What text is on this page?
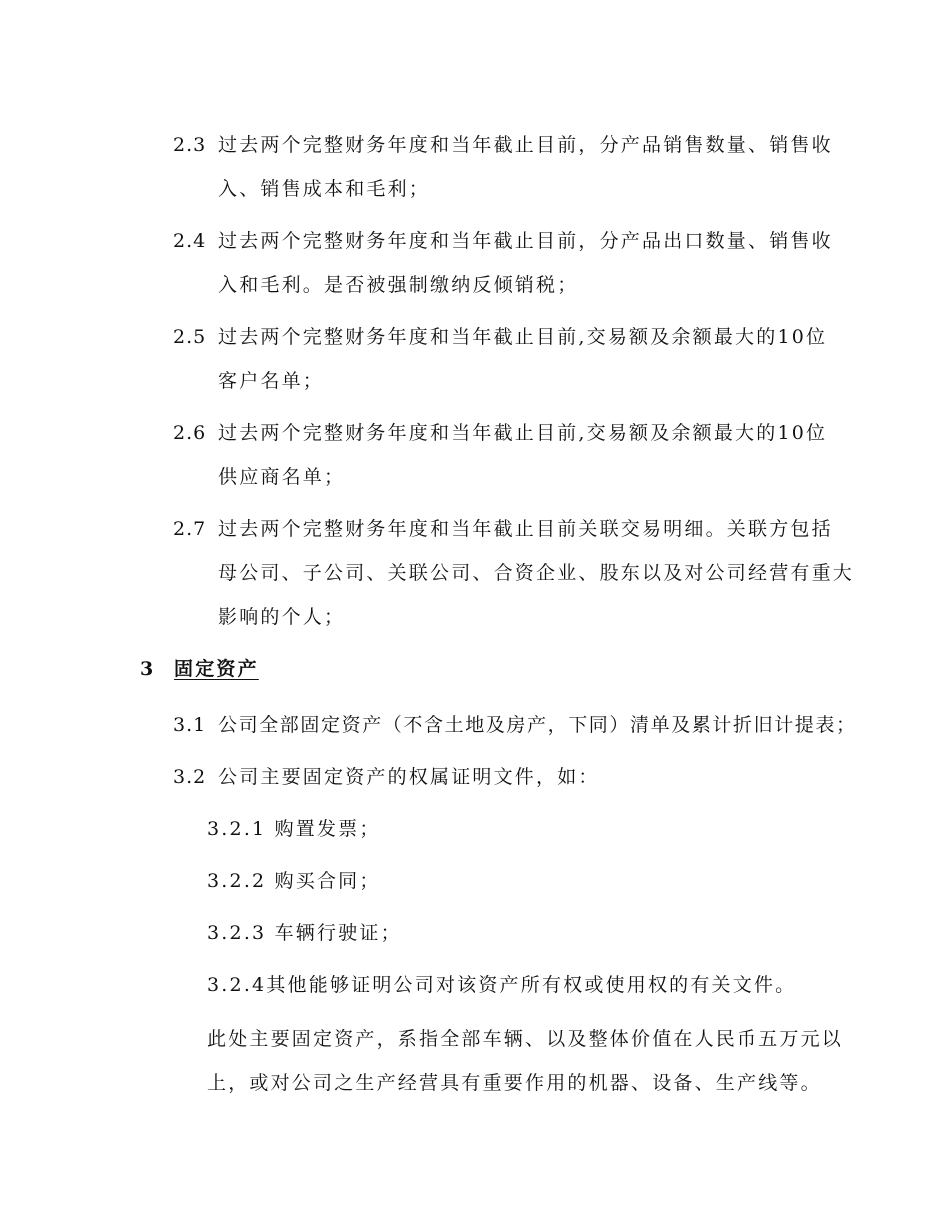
2.3 过去两个完整财务年度和当年截止目前，分产品销售数量、销售收
入、销售成本和毛利；
2.4 过去两个完整财务年度和当年截止目前，分产品出口数量、销售收
入和毛利。是否被强制缴纳反倾销税；
2.5 过去两个完整财务年度和当年截止目前,交易额及余额最大的10位
客户名单；
2.6 过去两个完整财务年度和当年截止目前,交易额及余额最大的10位
供应商名单；
2.7 过去两个完整财务年度和当年截止目前关联交易明细。关联方包括
母公司、子公司、关联公司、合资企业、股东以及对公司经营有重大
影响的个人；
3 固定资产
3.1 公司全部固定资产（不含土地及房产，下同）清单及累计折旧计提表；
3.2 公司主要固定资产的权属证明文件，如：
3.2.1 购置发票；
3.2.2 购买合同；
3.2.3 车辆行驶证；
3.2.4其他能够证明公司对该资产所有权或使用权的有关文件。
此处主要固定资产，系指全部车辆、以及整体价值在人民币五万元以
上，或对公司之生产经营具有重要作用的机器、设备、生产线等。
